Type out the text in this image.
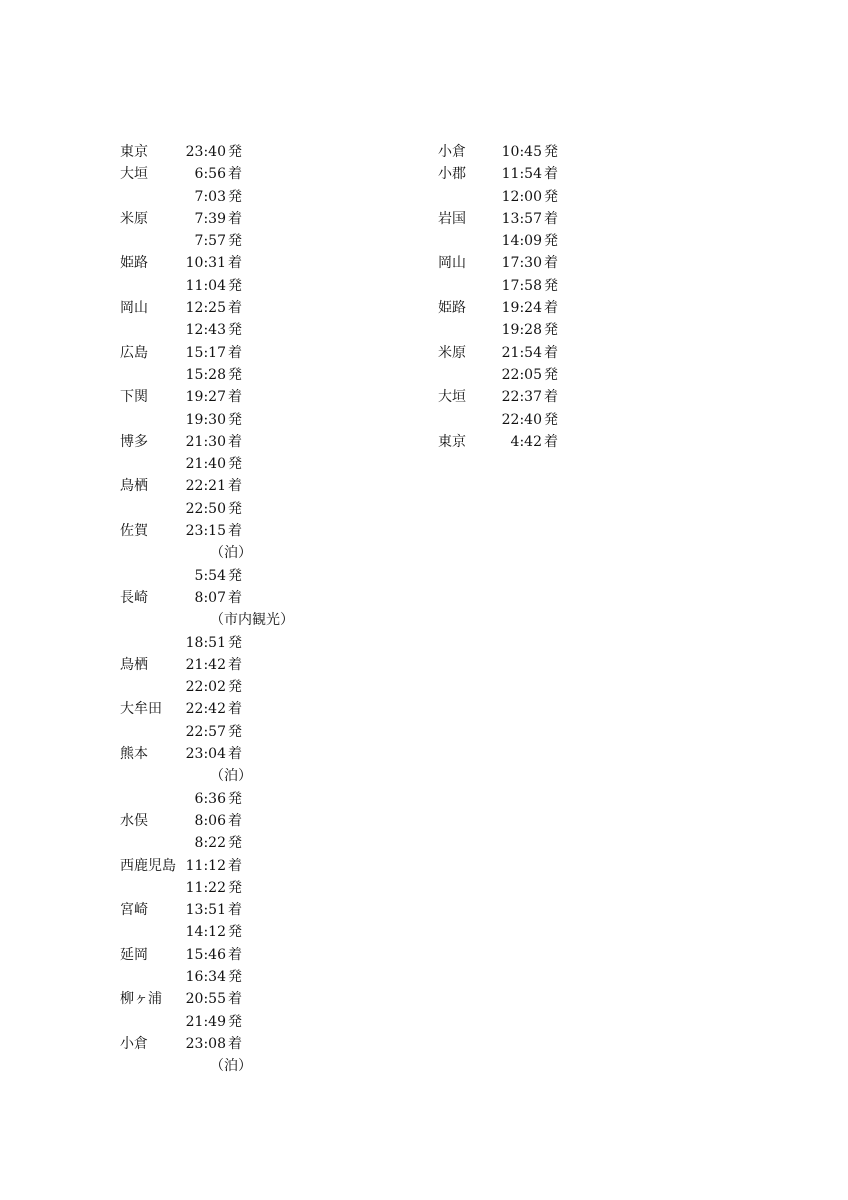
東京	23:40 発
大垣	6:56 着
7:03 発
米原	7:39 着
7:57 発
姫路	10:31 着
11:04 発
岡山	12:25 着
12:43 発
広島	15:17 着
15:28 発
下関	19:27 着
19:30 発
博多	21:30 着
21:40 発
鳥栖	22:21 着
22:50 発
佐賀	23:15 着
（泊）
5:54 発
長崎	8:07 着
（市内観光）
18:51 発
鳥栖	21:42 着
22:02 発
大牟田	22:42 着
22:57 発
熊本	23:04 着
（泊）
6:36 発
水俣	8:06 着
8:22 発
西鹿児島 11:12 着
11:22 発
宮崎	13:51 着
14:12 発
延岡	15:46 着
16:34 発
柳ヶ浦	20:55 着
21:49 発
小倉	23:08 着
（泊）
小倉	10:45 発
小郡	11:54 着
12:00 発
岩国	13:57 着
14:09 発
岡山	17:30 着
17:58 発
姫路	19:24 着
19:28 発
米原	21:54 着
22:05 発
大垣	22:37 着
22:40 発
東京	4:42 着
